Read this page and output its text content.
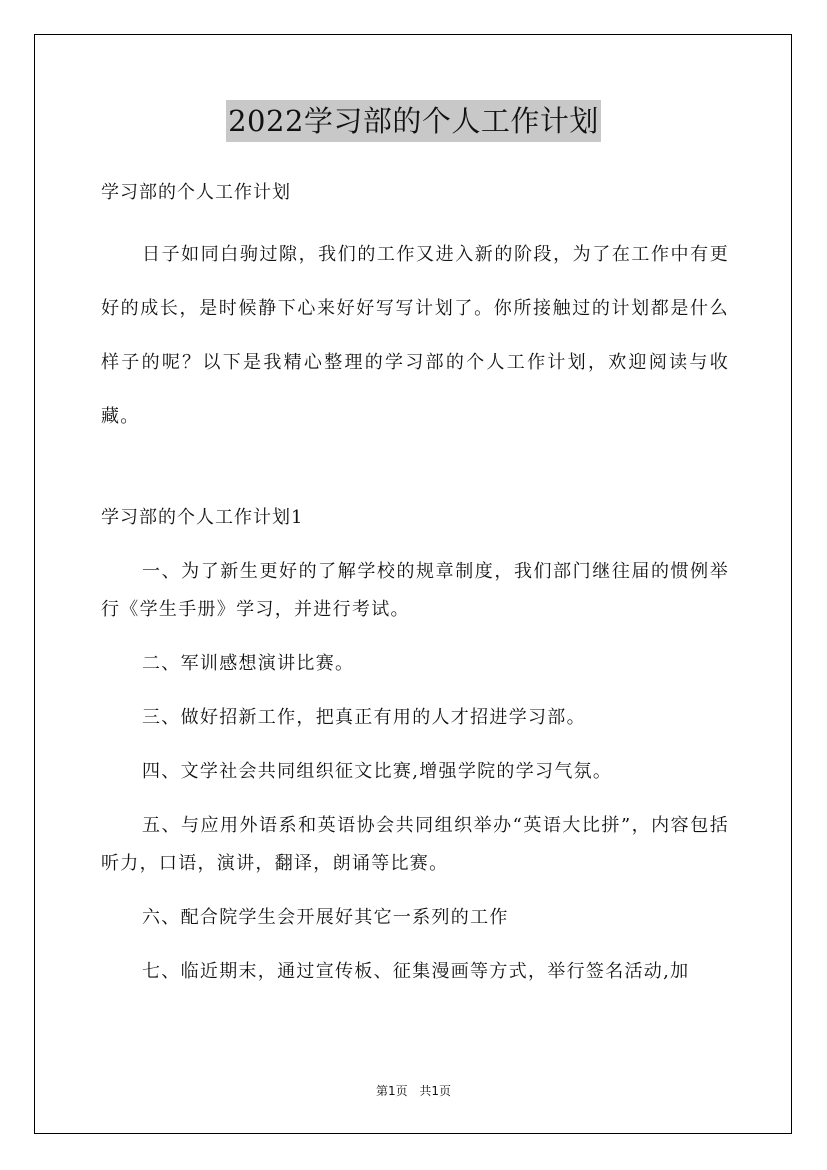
2022学习部的个人工作计划
学习部的个人工作计划

日子如同白驹过隙，我们的工作又进入新的阶段，为了在工作中有更好的成长，是时候静下心来好好写写计划了。你所接触过的计划都是什么样子的呢？以下是我精心整理的学习部的个人工作计划，欢迎阅读与收藏。

学习部的个人工作计划1
一、为了新生更好的了解学校的规章制度，我们部门继往届的惯例举行《学生手册》学习，并进行考试。
二、军训感想演讲比赛。
三、做好招新工作，把真正有用的人才招进学习部。
四、文学社会共同组织征文比赛,增强学院的学习气氛。
五、与应用外语系和英语协会共同组织举办“英语大比拼”，内容包括听力，口语，演讲，翻译，朗诵等比赛。
六、配合院学生会开展好其它一系列的工作
七、临近期末，通过宣传板、征集漫画等方式，举行签名活动,加
第1页 共1页
